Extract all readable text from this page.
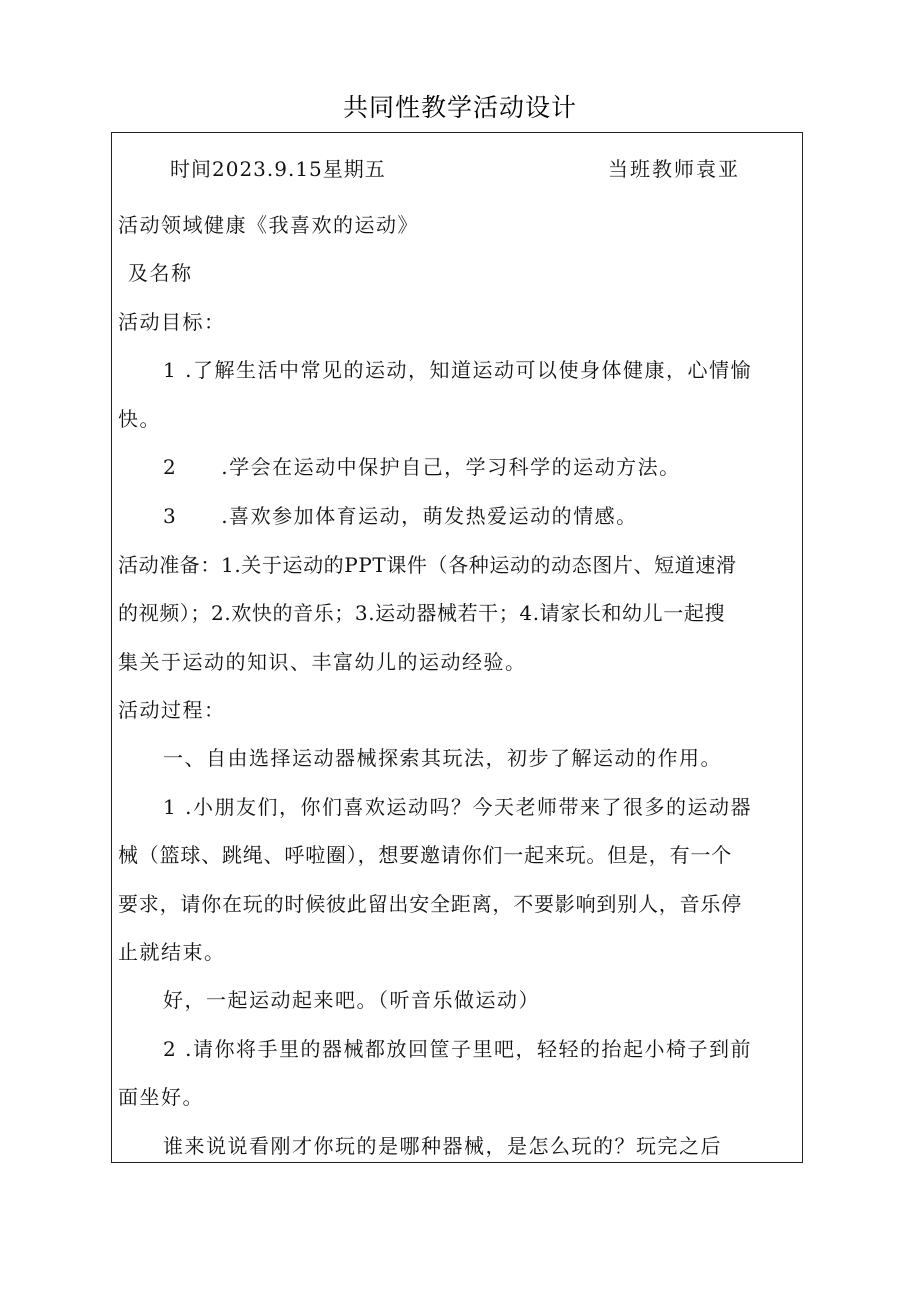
共同性教学活动设计
时间2023.9.15星期五	当班教师袁亚
活动领域健康《我喜欢的运动》
及名称
活动目标：
1 .了解生活中常见的运动，知道运动可以使身体健康，心情愉
快。
2 .学会在运动中保护自己，学习科学的运动方法。
3 .喜欢参加体育运动，萌发热爱运动的情感。
活动准备：1.关于运动的PPT课件（各种运动的动态图片、短道速滑
的视频）；2.欢快的音乐；3.运动器械若干；4.请家长和幼儿一起搜
集关于运动的知识、丰富幼儿的运动经验。
活动过程：
一、自由选择运动器械探索其玩法，初步了解运动的作用。
1 .小朋友们，你们喜欢运动吗？今天老师带来了很多的运动器
械（篮球、跳绳、呼啦圈），想要邀请你们一起来玩。但是，有一个
要求，请你在玩的时候彼此留出安全距离，不要影响到别人，音乐停
止就结束。
好，一起运动起来吧。（听音乐做运动）
2 .请你将手里的器械都放回筐子里吧，轻轻的抬起小椅子到前
面坐好。
谁来说说看刚才你玩的是哪种器械，是怎么玩的？玩完之后
